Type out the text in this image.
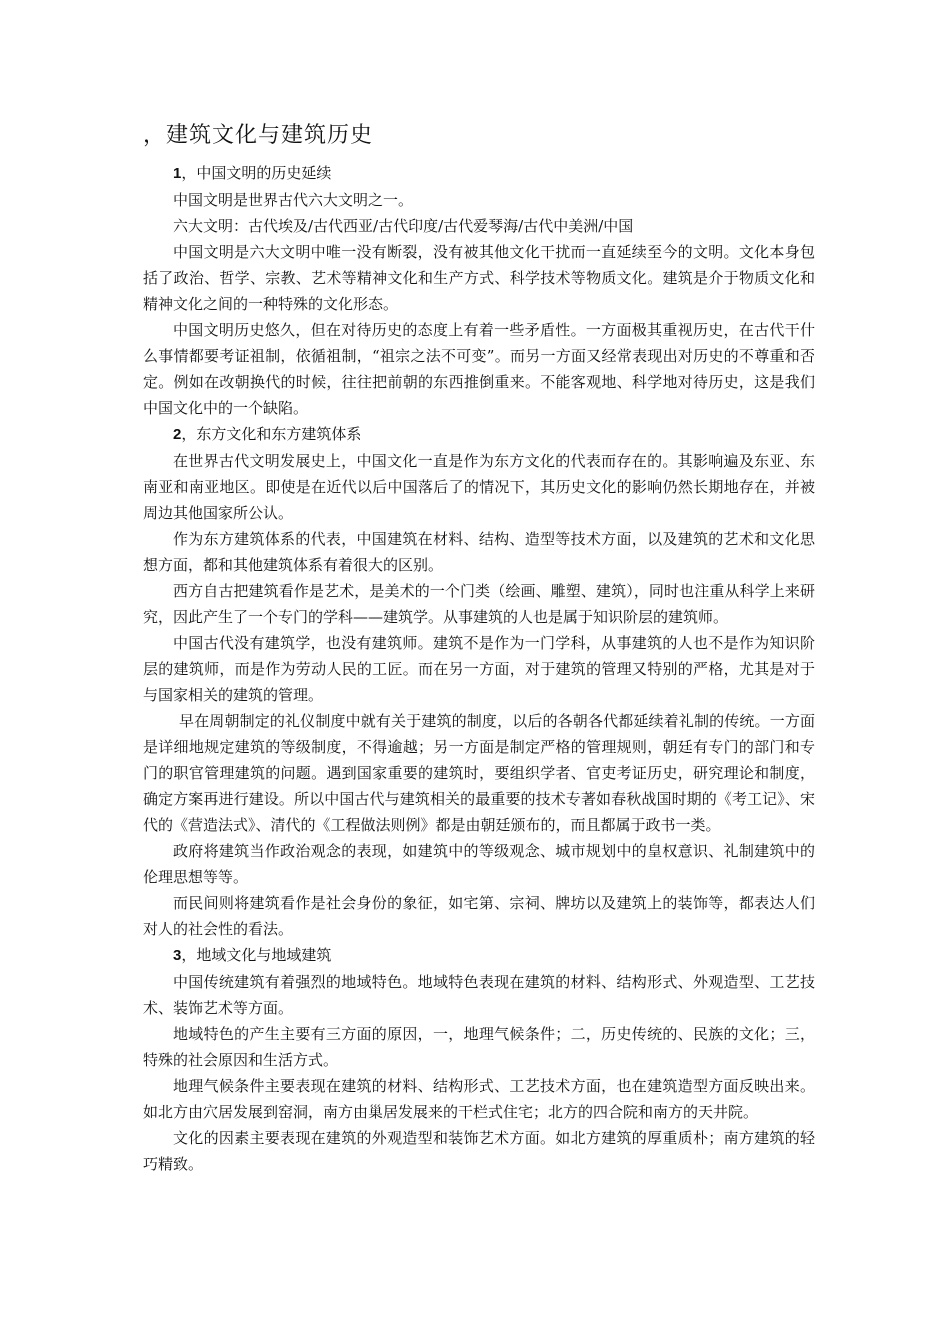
，建筑文化与建筑历史

1，中国文明的历史延续

中国文明是世界古代六大文明之一。

六大文明：古代埃及/古代西亚/古代印度/古代爱琴海/古代中美洲/中国

中国文明是六大文明中唯一没有断裂，没有被其他文化干扰而一直延续至今的文明。文化本身包括了政治、哲学、宗教、艺术等精神文化和生产方式、科学技术等物质文化。建筑是介于物质文化和精神文化之间的一种特殊的文化形态。

中国文明历史悠久，但在对待历史的态度上有着一些矛盾性。一方面极其重视历史，在古代干什么事情都要考证祖制，依循祖制，“祖宗之法不可变”。而另一方面又经常表现出对历史的不尊重和否定。例如在改朝换代的时候，往往把前朝的东西推倒重来。不能客观地、科学地对待历史，这是我们中国文化中的一个缺陷。

2，东方文化和东方建筑体系

在世界古代文明发展史上，中国文化一直是作为东方文化的代表而存在的。其影响遍及东亚、东南亚和南亚地区。即使是在近代以后中国落后了的情况下，其历史文化的影响仍然长期地存在，并被周边其他国家所公认。

作为东方建筑体系的代表，中国建筑在材料、结构、造型等技术方面，以及建筑的艺术和文化思想方面，都和其他建筑体系有着很大的区别。

西方自古把建筑看作是艺术，是美术的一个门类（绘画、雕塑、建筑），同时也注重从科学上来研究，因此产生了一个专门的学科——建筑学。从事建筑的人也是属于知识阶层的建筑师。

中国古代没有建筑学，也没有建筑师。建筑不是作为一门学科，从事建筑的人也不是作为知识阶层的建筑师，而是作为劳动人民的工匠。而在另一方面，对于建筑的管理又特别的严格，尤其是对于与国家相关的建筑的管理。

早在周朝制定的礼仪制度中就有关于建筑的制度，以后的各朝各代都延续着礼制的传统。一方面是详细地规定建筑的等级制度，不得逾越；另一方面是制定严格的管理规则，朝廷有专门的部门和专门的职官管理建筑的问题。遇到国家重要的建筑时，要组织学者、官吏考证历史，研究理论和制度，确定方案再进行建设。所以中国古代与建筑相关的最重要的技术专著如春秋战国时期的《考工记》、宋代的《营造法式》、清代的《工程做法则例》都是由朝廷颁布的，而且都属于政书一类。

政府将建筑当作政治观念的表现，如建筑中的等级观念、城市规划中的皇权意识、礼制建筑中的伦理思想等等。

而民间则将建筑看作是社会身份的象征，如宅第、宗祠、牌坊以及建筑上的装饰等，都表达人们对人的社会性的看法。

3，地域文化与地域建筑

中国传统建筑有着强烈的地域特色。地域特色表现在建筑的材料、结构形式、外观造型、工艺技术、装饰艺术等方面。

地域特色的产生主要有三方面的原因，一，地理气候条件；二，历史传统的、民族的文化；三，特殊的社会原因和生活方式。

地理气候条件主要表现在建筑的材料、结构形式、工艺技术方面，也在建筑造型方面反映出来。如北方由穴居发展到窑洞，南方由巢居发展来的干栏式住宅；北方的四合院和南方的天井院。

文化的因素主要表现在建筑的外观造型和装饰艺术方面。如北方建筑的厚重质朴；南方建筑的轻巧精致。
